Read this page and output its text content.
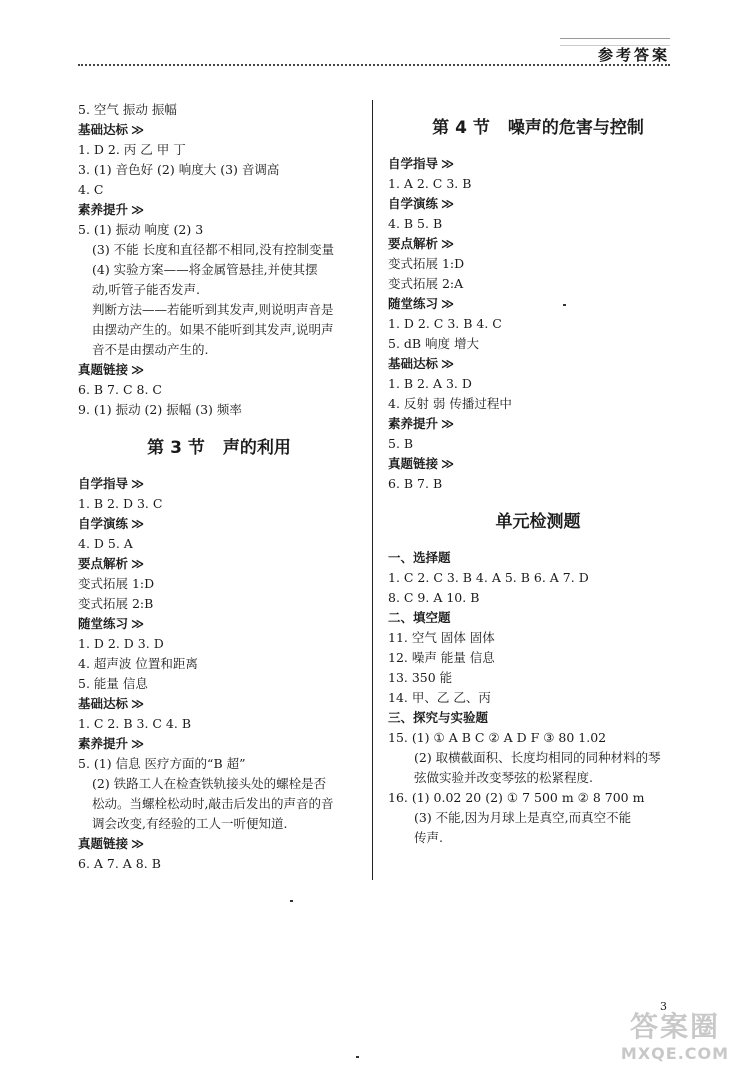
参考答案
5. 空气 振动 振幅
基础达标 ≫
1. D 2. 丙 乙 甲 丁
3. (1) 音色好 (2) 响度大 (3) 音调高
4. C
素养提升 ≫
5. (1) 振动 响度 (2) 3
(3) 不能 长度和直径都不相同,没有控制变量
(4) 实验方案——将金属管悬挂,并使其摆
动,听管子能否发声.
判断方法——若能听到其发声,则说明声音是
由摆动产生的。如果不能听到其发声,说明声
音不是由摆动产生的.
真题链接 ≫
6. B 7. C 8. C
9. (1) 振动 (2) 振幅 (3) 频率
第 3 节 声的利用
自学指导 ≫
1. B 2. D 3. C
自学演练 ≫
4. D 5. A
要点解析 ≫
变式拓展 1:D
变式拓展 2:B
随堂练习 ≫
1. D 2. D 3. D
4. 超声波 位置和距离
5. 能量 信息
基础达标 ≫
1. C 2. B 3. C 4. B
素养提升 ≫
5. (1) 信息 医疗方面的“B 超”
(2) 铁路工人在检查铁轨接头处的螺栓是否
松动。当螺栓松动时,敲击后发出的声音的音
调会改变,有经验的工人一听便知道.
真题链接 ≫
6. A 7. A 8. B
第 4 节 噪声的危害与控制
自学指导 ≫
1. A 2. C 3. B
自学演练 ≫
4. B 5. B
要点解析 ≫
变式拓展 1:D
变式拓展 2:A
随堂练习 ≫
1. D 2. C 3. B 4. C
5. dB 响度 增大
基础达标 ≫
1. B 2. A 3. D
4. 反射 弱 传播过程中
素养提升 ≫
5. B
真题链接 ≫
6. B 7. B
单元检测题
一、选择题
1. C 2. C 3. B 4. A 5. B 6. A 7. D
8. C 9. A 10. B
二、填空题
11. 空气 固体 固体
12. 噪声 能量 信息
13. 350 能
14. 甲、乙 乙、丙
三、探究与实验题
15. (1) ① A B C ② A D F ③ 80 1.02
(2) 取横截面积、长度均相同的同种材料的琴
弦做实验并改变琴弦的松紧程度.
16. (1) 0.02 20 (2) ① 7 500 m ② 8 700 m
(3) 不能,因为月球上是真空,而真空不能
传声.
3
答案圈
MXQE.COM
